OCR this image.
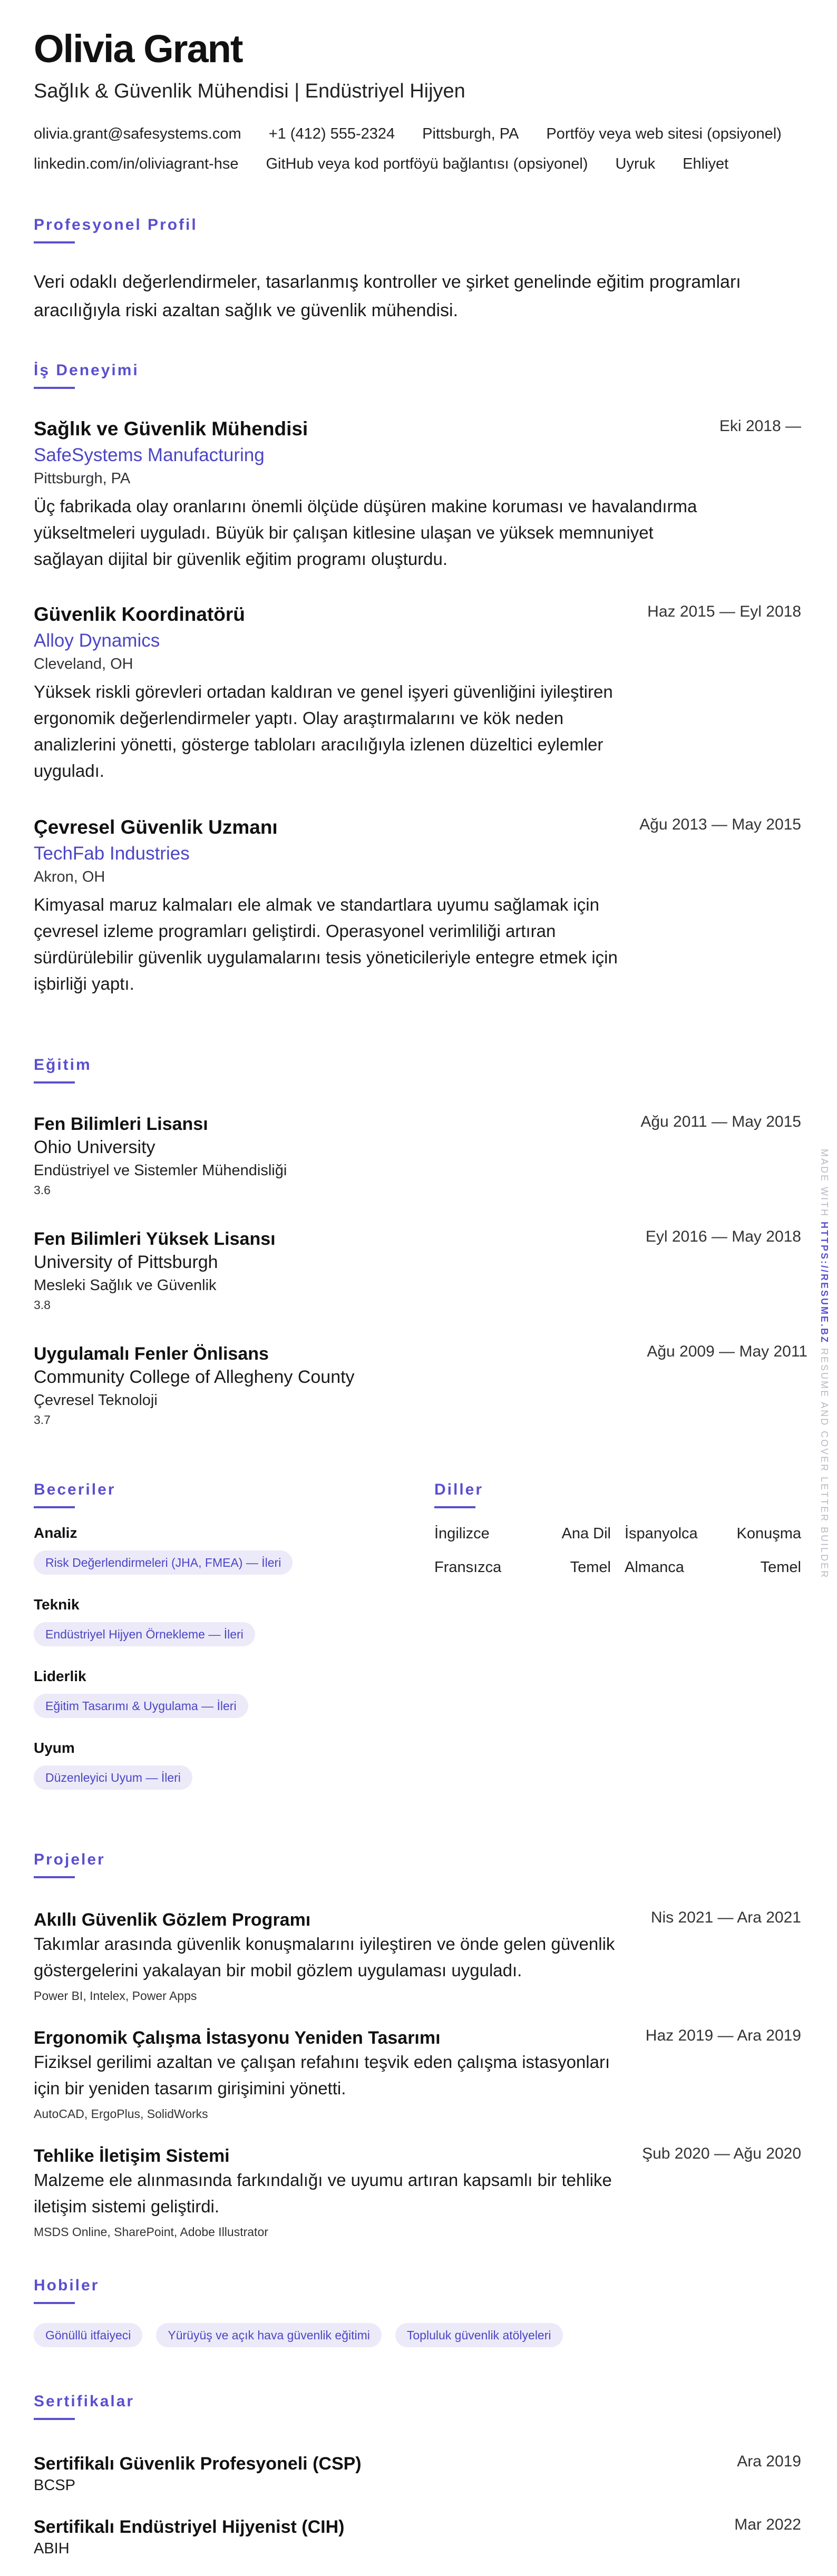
Olivia Grant
Sağlık & Güvenlik Mühendisi | Endüstriyel Hijyen
olivia.grant@safesystems.com +1 (412) 555-2324 Pittsburgh, PA Portföy veya web sitesi (opsiyonel)
linkedin.com/in/oliviagrant-hse GitHub veya kod portföyü bağlantısı (opsiyonel) Uyruk Ehliyet
Profesyonel Profil
Veri odaklı değerlendirmeler, tasarlanmış kontroller ve şirket genelinde eğitim programları aracılığıyla riski azaltan sağlık ve güvenlik mühendisi.
İş Deneyimi
Sağlık ve Güvenlik Mühendisi	Eki 2018 —
SafeSystems Manufacturing
Pittsburgh, PA
Üç fabrikada olay oranlarını önemli ölçüde düşüren makine koruması ve havalandırma yükseltmeleri uyguladı. Büyük bir çalışan kitlesine ulaşan ve yüksek memnuniyet sağlayan dijital bir güvenlik eğitim programı oluşturdu.
Güvenlik Koordinatörü	Haz 2015 — Eyl 2018
Alloy Dynamics
Cleveland, OH
Yüksek riskli görevleri ortadan kaldıran ve genel işyeri güvenliğini iyileştiren ergonomik değerlendirmeler yaptı. Olay araştırmalarını ve kök neden analizlerini yönetti, gösterge tabloları aracılığıyla izlenen düzeltici eylemler uyguladı.
Çevresel Güvenlik Uzmanı	Ağu 2013 — May 2015
TechFab Industries
Akron, OH
Kimyasal maruz kalmaları ele almak ve standartlara uyumu sağlamak için çevresel izleme programları geliştirdi. Operasyonel verimliliği artıran sürdürülebilir güvenlik uygulamalarını tesis yöneticileriyle entegre etmek için işbirliği yaptı.
Eğitim
Fen Bilimleri Lisansı	Ağu 2011 — May 2015
Ohio University
Endüstriyel ve Sistemler Mühendisliği
3.6
Fen Bilimleri Yüksek Lisansı	Eyl 2016 — May 2018
University of Pittsburgh
Mesleki Sağlık ve Güvenlik
3.8
Uygulamalı Fenler Önlisans	Ağu 2009 — May 2011
Community College of Allegheny County
Çevresel Teknoloji
3.7
Beceriler
Analiz
Risk Değerlendirmeleri (JHA, FMEA) — İleri
Teknik
Endüstriyel Hijyen Örnekleme — İleri
Liderlik
Eğitim Tasarımı & Uygulama — İleri
Uyum
Düzenleyici Uyum — İleri
Diller
İngilizce	Ana Dil İspanyolca	Konuşma
Fransızca	Temel Almanca	Temel
Projeler
Akıllı Güvenlik Gözlem Programı	Nis 2021 — Ara 2021
Takımlar arasında güvenlik konuşmalarını iyileştiren ve önde gelen güvenlik göstergelerini yakalayan bir mobil gözlem uygulaması uyguladı.
Power BI, Intelex, Power Apps
Ergonomik Çalışma İstasyonu Yeniden Tasarımı	Haz 2019 — Ara 2019
Fiziksel gerilimi azaltan ve çalışan refahını teşvik eden çalışma istasyonları için bir yeniden tasarım girişimini yönetti.
AutoCAD, ErgoPlus, SolidWorks
Tehlike İletişim Sistemi	Şub 2020 — Ağu 2020
Malzeme ele alınmasında farkındalığı ve uyumu artıran kapsamlı bir tehlike iletişim sistemi geliştirdi.
MSDS Online, SharePoint, Adobe Illustrator
Hobiler
Gönüllü itfaiyeci	Yürüyüş ve açık hava güvenlik eğitimi	Topluluk güvenlik atölyeleri
Sertifikalar
Sertifikalı Güvenlik Profesyoneli (CSP)	Ara 2019
BCSP
Sertifikalı Endüstriyel Hijyenist (CIH)	Mar 2022
ABIH
MADE WITH HTTPS://RESUME.BZ RESUME AND COVER LETTER BUILDER
